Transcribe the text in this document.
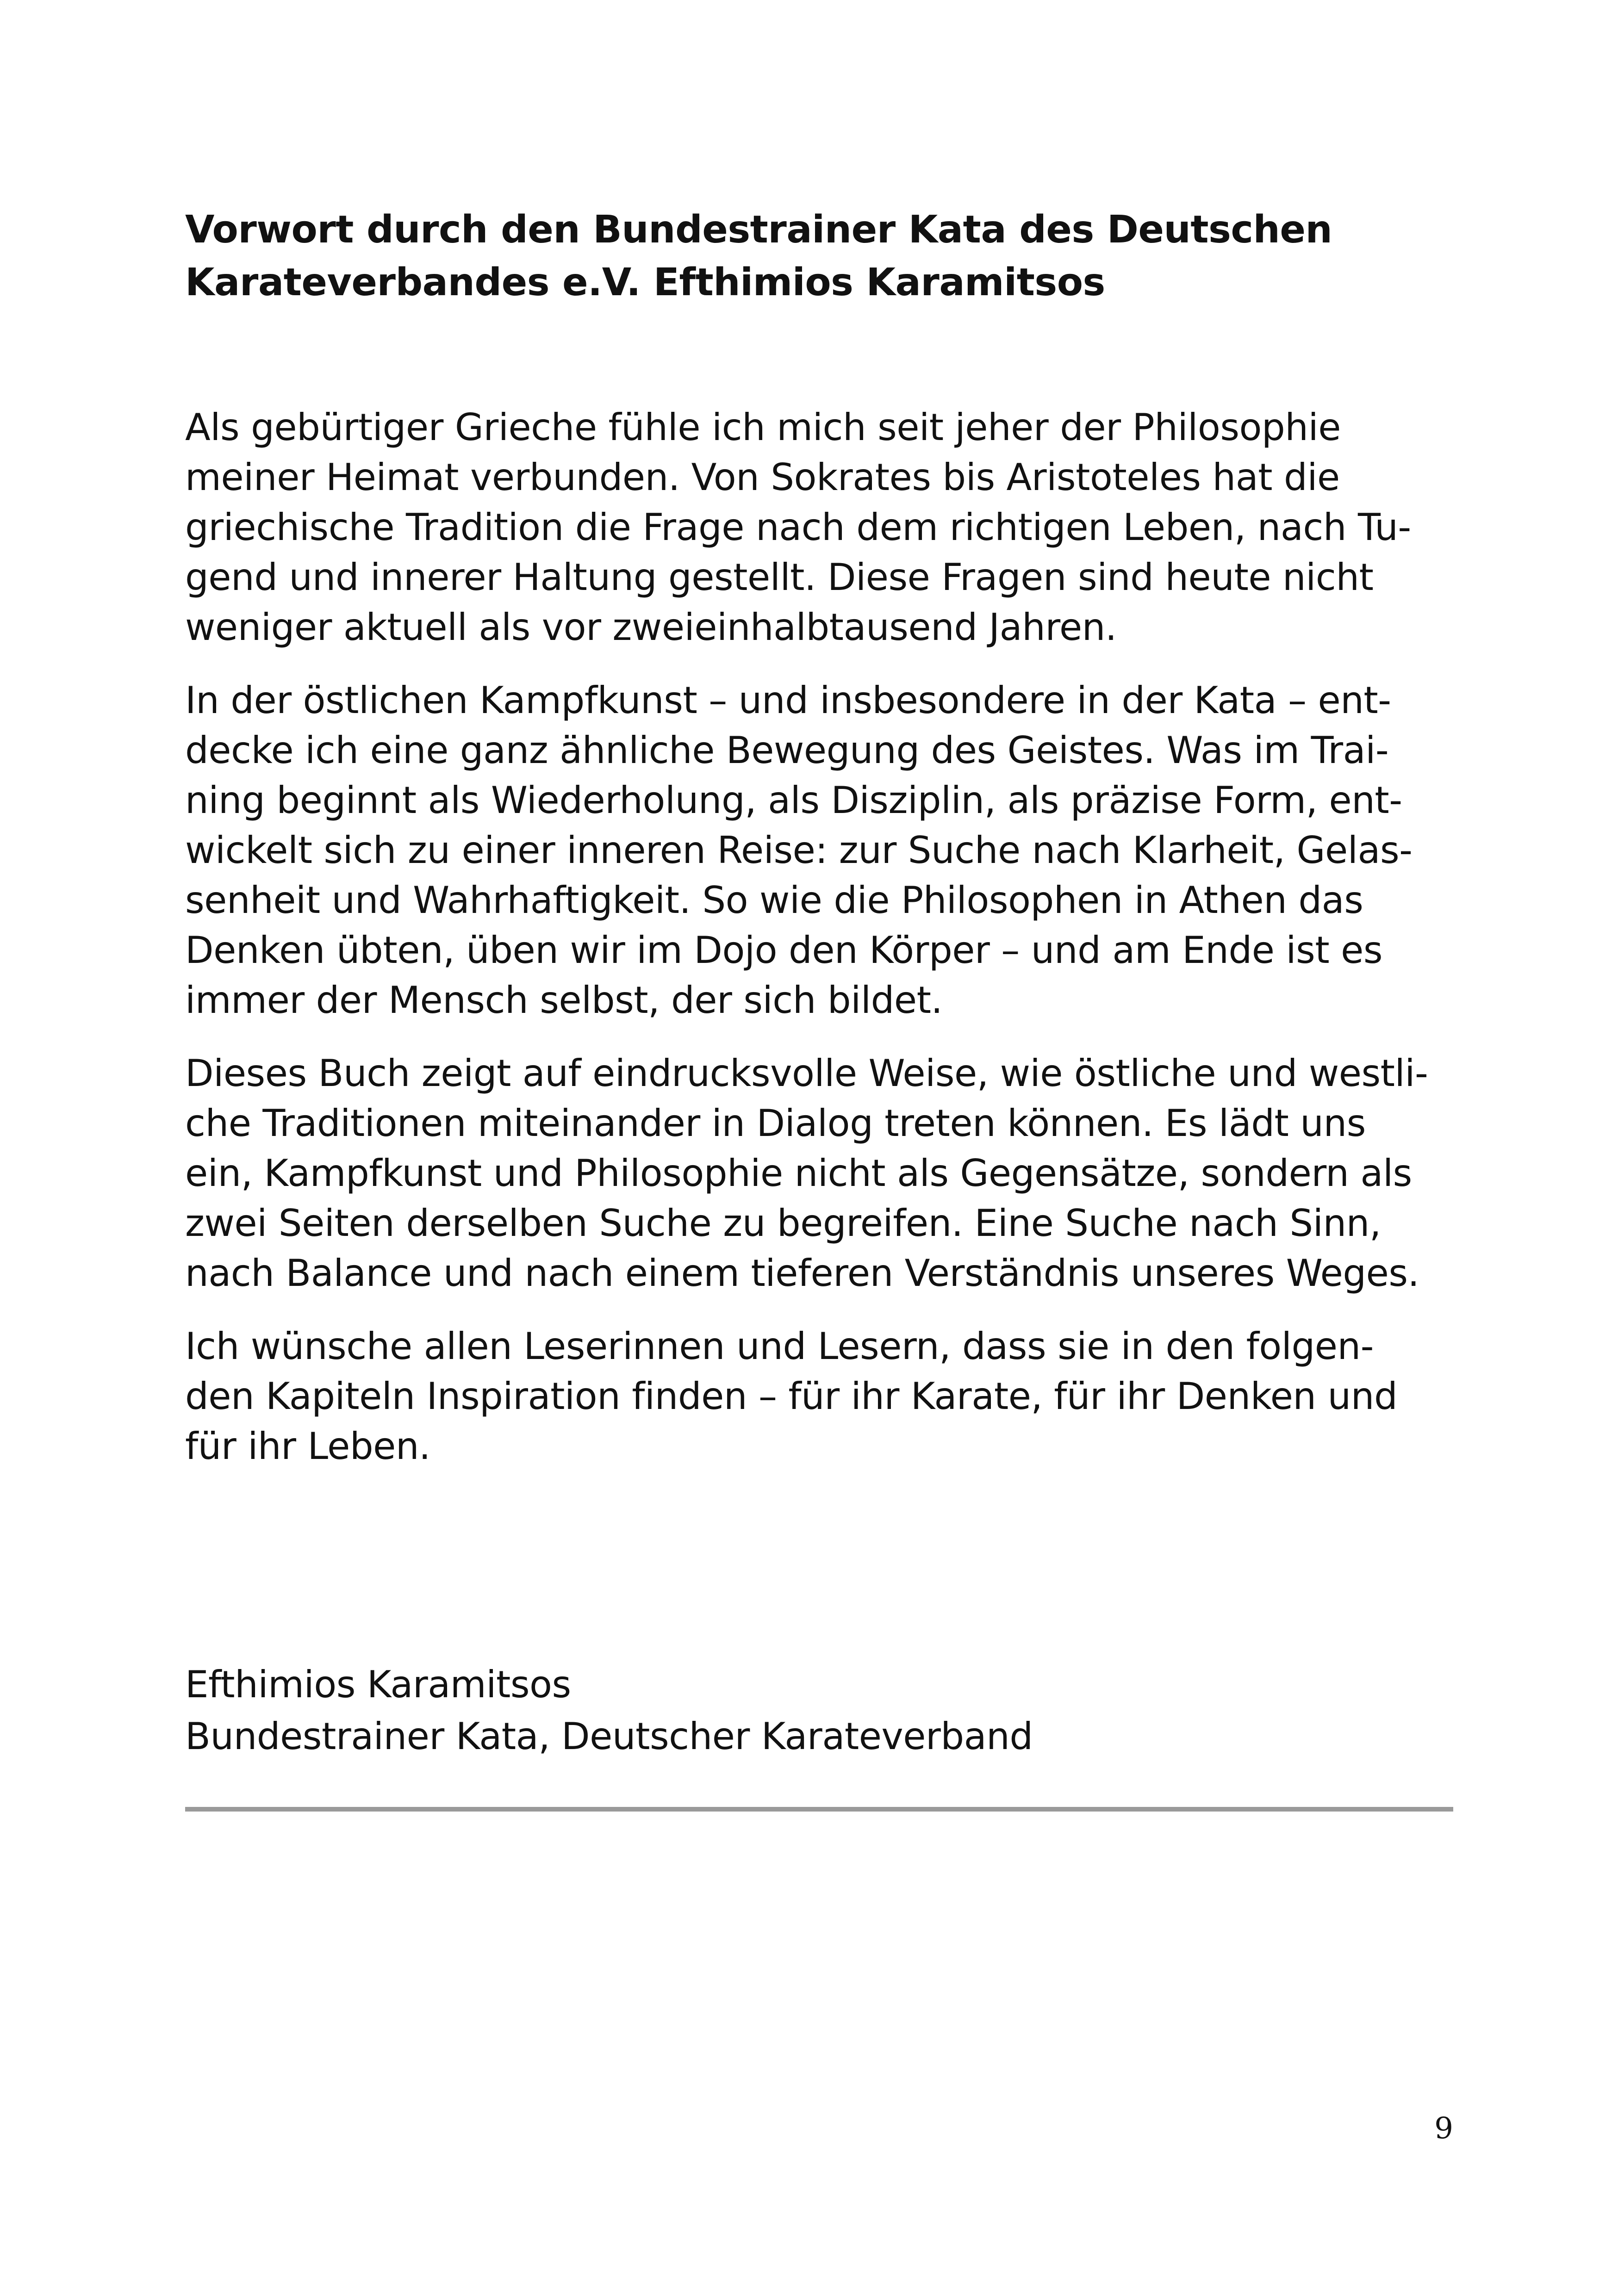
Vorwort durch den Bundestrainer Kata des Deutschen
Karateverbandes e.V. Efthimios Karamitsos

Als gebürtiger Grieche fühle ich mich seit jeher der Philosophie
meiner Heimat verbunden. Von Sokrates bis Aristoteles hat die
griechische Tradition die Frage nach dem richtigen Leben, nach Tu-
gend und innerer Haltung gestellt. Diese Fragen sind heute nicht
weniger aktuell als vor zweieinhalbtausend Jahren.

In der östlichen Kampfkunst – und insbesondere in der Kata – ent-
decke ich eine ganz ähnliche Bewegung des Geistes. Was im Trai-
ning beginnt als Wiederholung, als Disziplin, als präzise Form, ent-
wickelt sich zu einer inneren Reise: zur Suche nach Klarheit, Gelas-
senheit und Wahrhaftigkeit. So wie die Philosophen in Athen das
Denken übten, üben wir im Dojo den Körper – und am Ende ist es
immer der Mensch selbst, der sich bildet.

Dieses Buch zeigt auf eindrucksvolle Weise, wie östliche und westli-
che Traditionen miteinander in Dialog treten können. Es lädt uns
ein, Kampfkunst und Philosophie nicht als Gegensätze, sondern als
zwei Seiten derselben Suche zu begreifen. Eine Suche nach Sinn,
nach Balance und nach einem tieferen Verständnis unseres Weges.

Ich wünsche allen Leserinnen und Lesern, dass sie in den folgen-
den Kapiteln Inspiration finden – für ihr Karate, für ihr Denken und
für ihr Leben.

Efthimios Karamitsos
Bundestrainer Kata, Deutscher Karateverband
9
